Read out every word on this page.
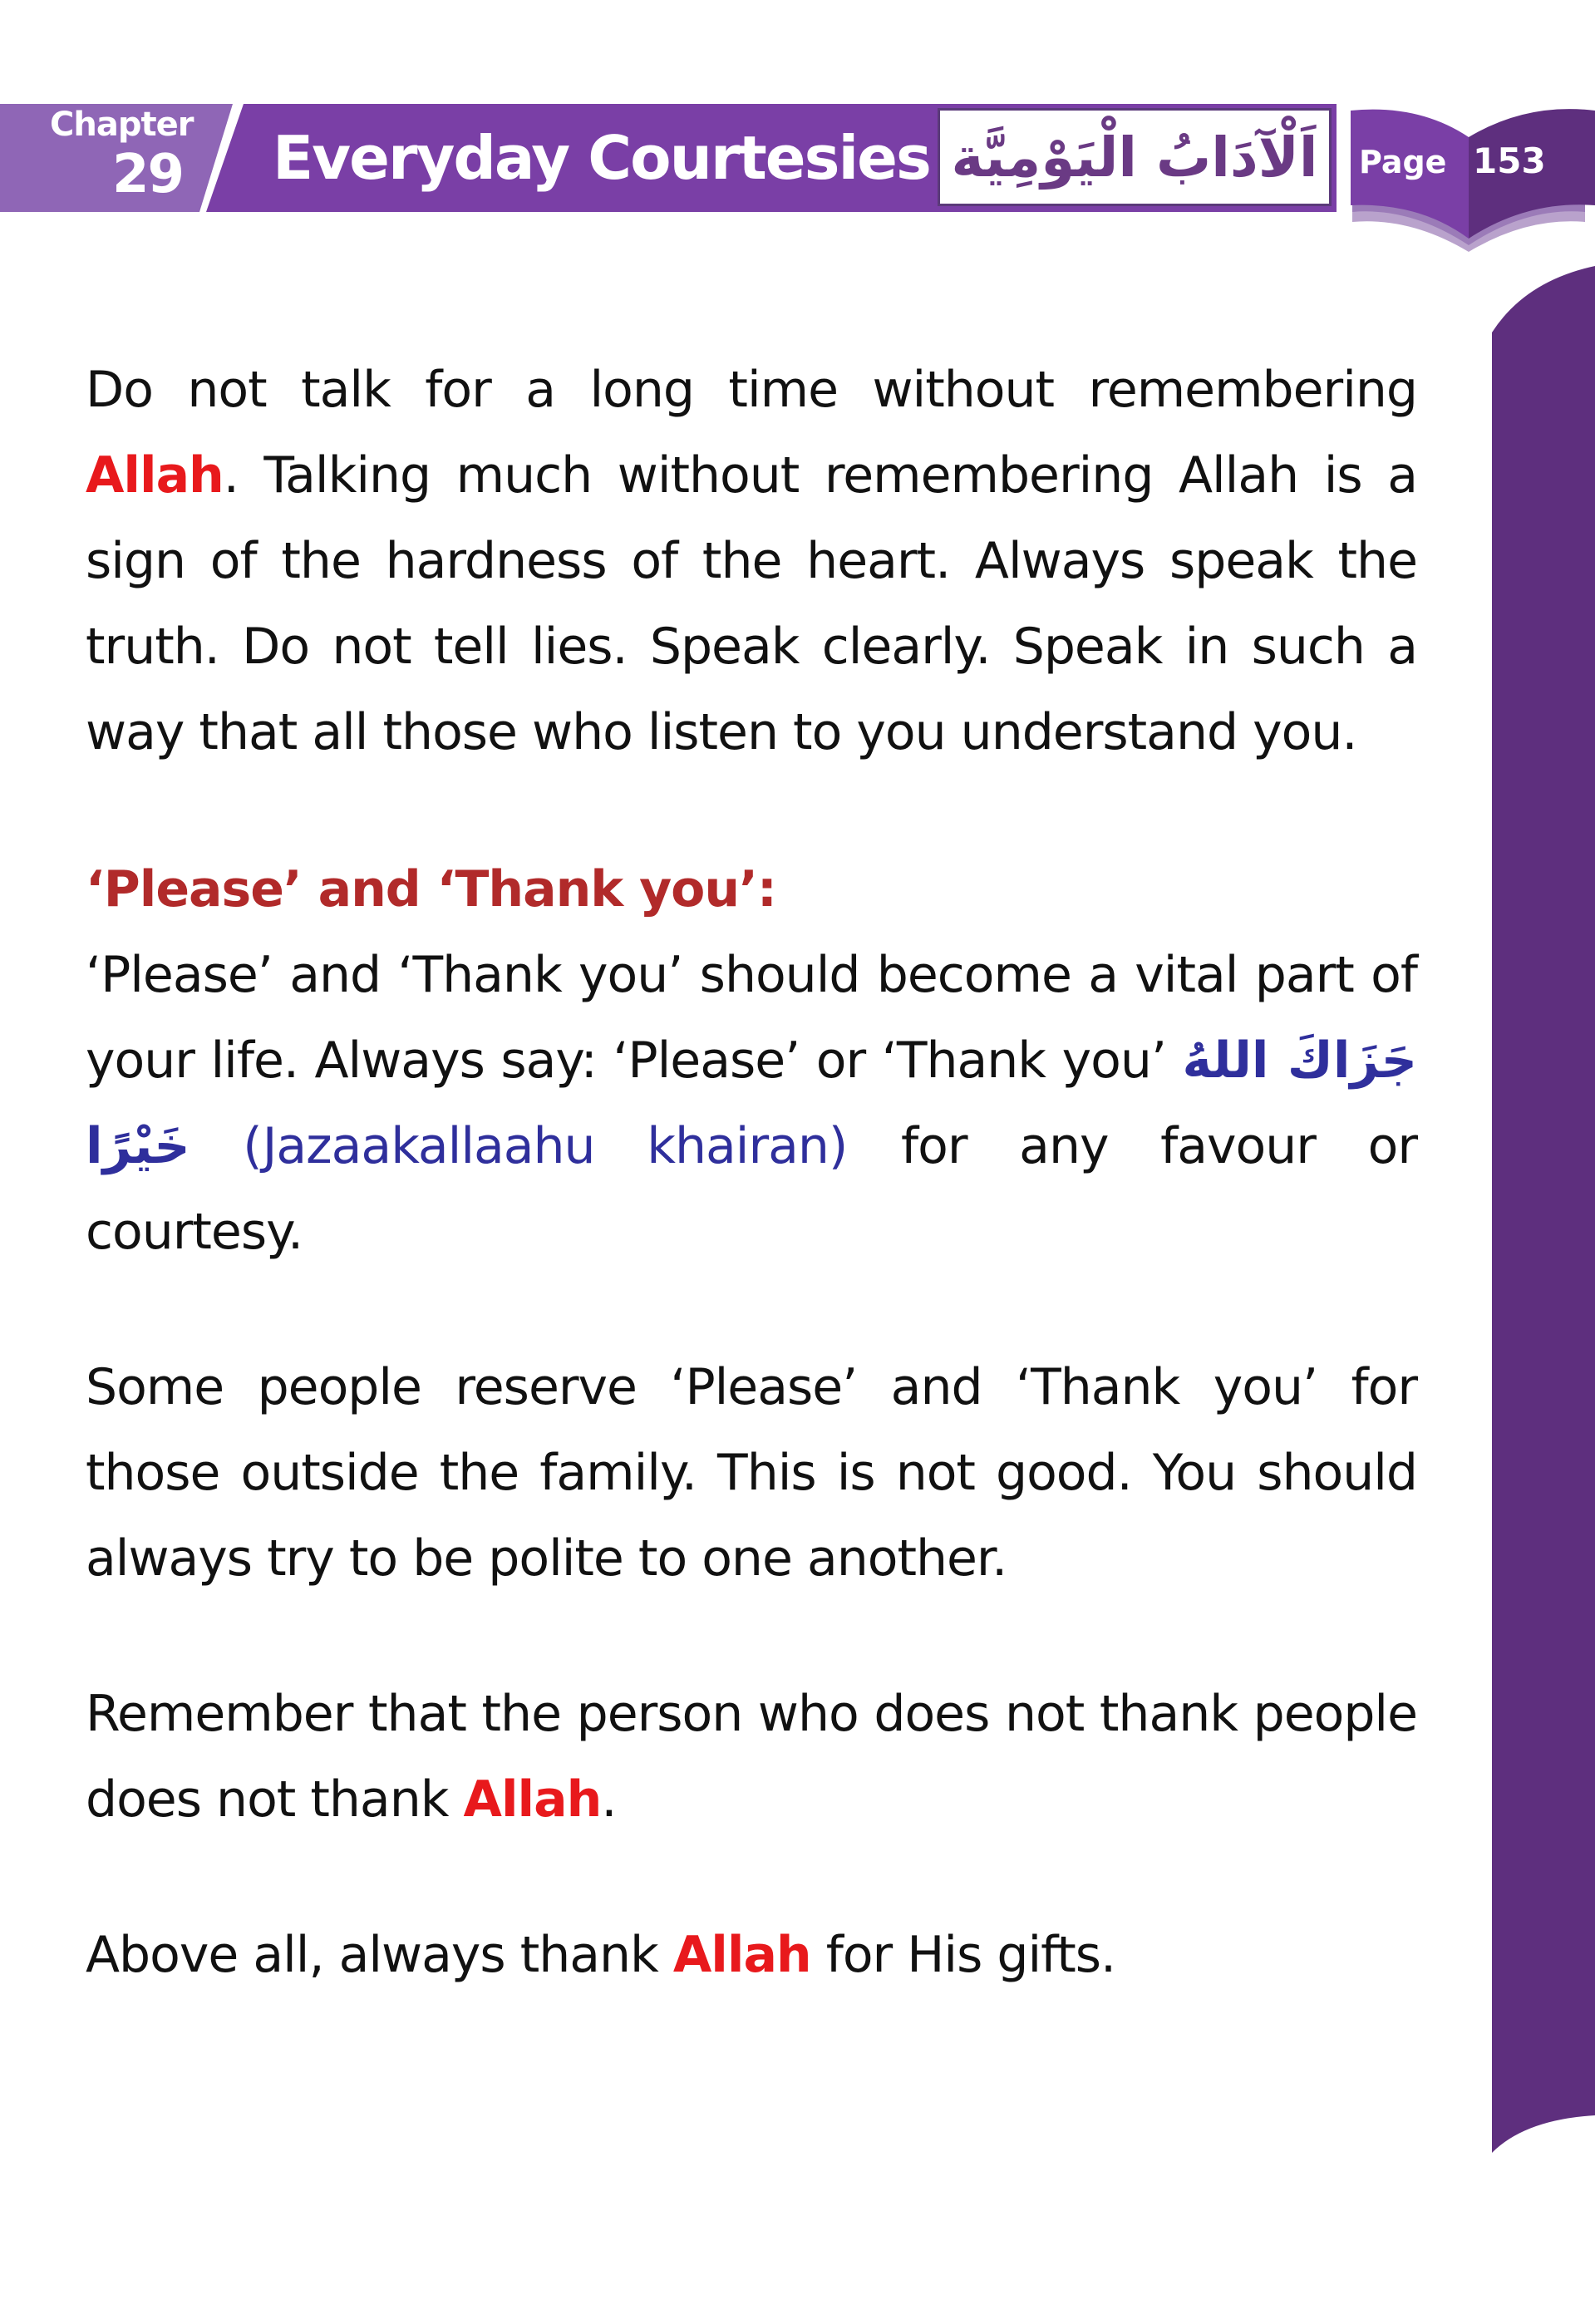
Chapter
29 Everyday Courtesies اَلْآدَابُ الْيَوْمِيَّة Page 153

Do not talk for a long time without remembering Allah. Talking much without remembering Allah is a sign of the hardness of the heart. Always speak the truth. Do not tell lies. Speak clearly. Speak in such a way that all those who listen to you understand you.

‘Please’ and ‘Thank you’:

‘Please’ and ‘Thank you’ should become a vital part of your life. Always say: ‘Please’ or ‘Thank you’ جَزَاكَ اللهُ خَيْرًا (Jazaakallaahu khairan) for any favour or courtesy.

Some people reserve ‘Please’ and ‘Thank you’ for those outside the family. This is not good. You should always try to be polite to one another.

Remember that the person who does not thank people does not thank Allah.

Above all, always thank Allah for His gifts.
